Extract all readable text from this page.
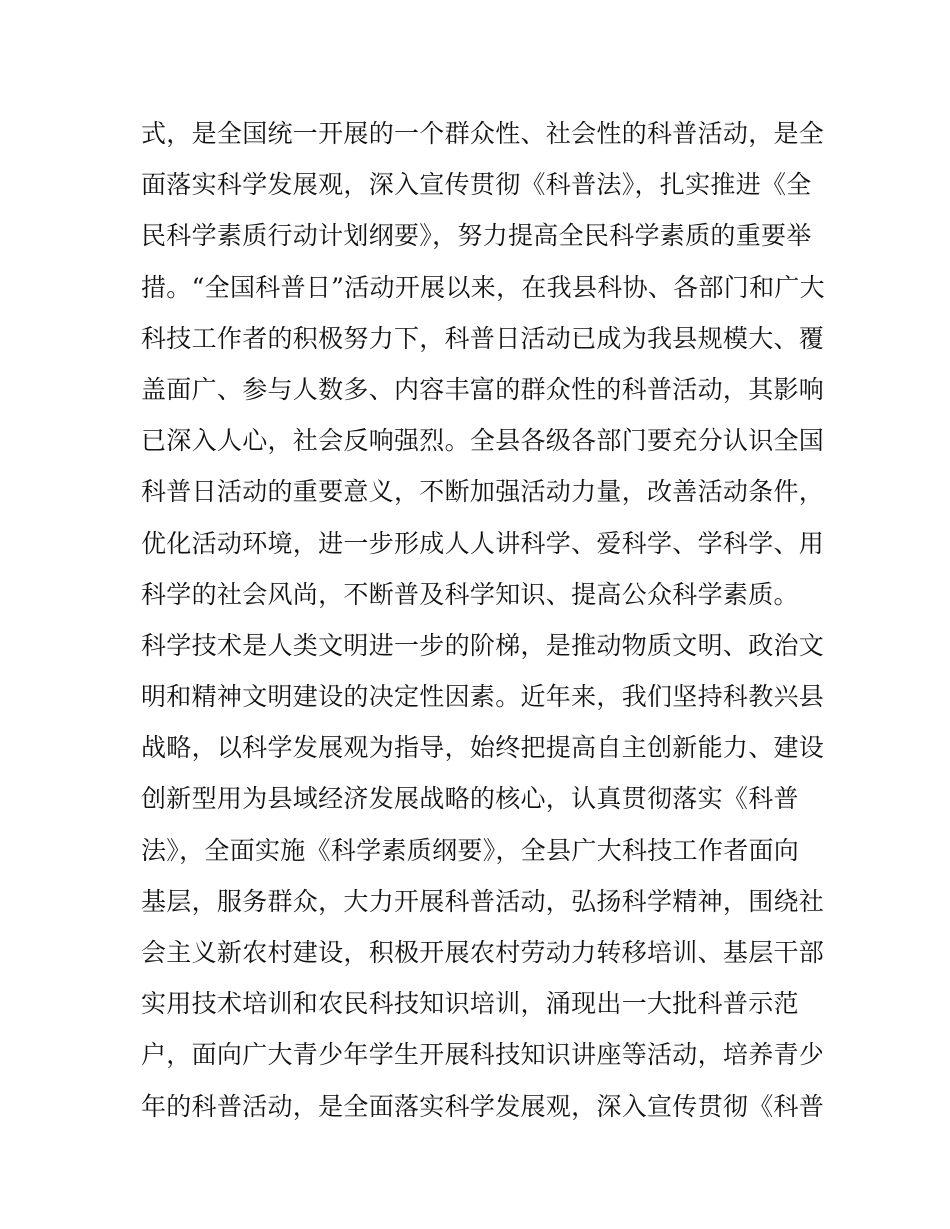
式，是全国统一开展的一个群众性、社会性的科普活动，是全
面落实科学发展观，深入宣传贯彻《科普法》，扎实推进《全
民科学素质行动计划纲要》，努力提高全民科学素质的重要举
措。“全国科普日”活动开展以来，在我县科协、各部门和广大
科技工作者的积极努力下，科普日活动已成为我县规模大、覆
盖面广、参与人数多、内容丰富的群众性的科普活动，其影响
已深入人心，社会反响强烈。全县各级各部门要充分认识全国
科普日活动的重要意义，不断加强活动力量，改善活动条件，
优化活动环境，进一步形成人人讲科学、爱科学、学科学、用
科学的社会风尚，不断普及科学知识、提高公众科学素质。
科学技术是人类文明进一步的阶梯，是推动物质文明、政治文
明和精神文明建设的决定性因素。近年来，我们坚持科教兴县
战略，以科学发展观为指导，始终把提高自主创新能力、建设
创新型用为县域经济发展战略的核心，认真贯彻落实《科普
法》，全面实施《科学素质纲要》，全县广大科技工作者面向
基层，服务群众，大力开展科普活动，弘扬科学精神，围绕社
会主义新农村建设，积极开展农村劳动力转移培训、基层干部
实用技术培训和农民科技知识培训，涌现出一大批科普示范
户，面向广大青少年学生开展科技知识讲座等活动，培养青少
年的科普活动，是全面落实科学发展观，深入宣传贯彻《科普
